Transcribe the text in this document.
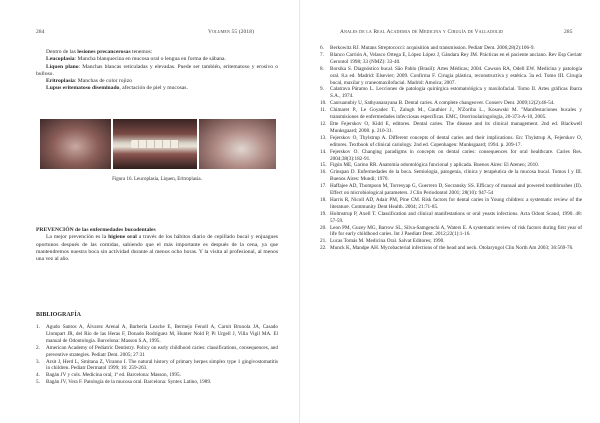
284	Volumen 55 (2018)

Dentro de las lesiones precancerosas tenemos:

Leucoplasia: Mancha blanquecina en mucosa oral o lengua en forma de sábana.

Liquen plano: Manchas blancas reticuladas y elevadas. Puede ser también, eritematoso y erosivo o bulloso.

Eritroplasia: Manchas de color rojizo

Lupus eritematoso diseminado, afectación de piel y mucosas.

Figura 16. Leucoplasia, Liquen, Eritroplasia.

PREVENCIÓN de las enfermedades bucodentales

La mejor prevención es la higiene oral a través de los hábitos diario de cepillado bucal y enjuagues oportunos después de las comidas, sabiendo que el más importante es después de la cena, ya que mantendremos nuestra boca sin actividad durante al menos ocho horas. Y la visita al profesional, al menos una vez al año.

BIBLIOGRAFÍA
1.	Agudo Santos A, Álvarez Arenal A, Barbería Leache E, Bermejo Fenoll A, Carnit Brunola JA, Casado Llompart JR, del Río de las Heras F, Donado Rodríguez M, Hunter Nold P, Pi Urgell J, Villa Vigil MA. El manual de Odontología. Barcelona: Masson S.A, 1995.
2.	American Academy of Pediatric Dentistry. Policy on early childhood caries: classifications, consequences, and preventive strategies. Pediatr Dent. 2005; 27:31
3.	Arsit J, Herd L, Smitana Z, Viranno I. The natural history of primary herpes simplex type 1 gingivostomatitis in children. Pediatr Dermatol 1999; 16: 259-263.
4.	Bagán JV y cols. Medicina oral, 1ª ed. Barcelona: Masson, 1995.
5.	Bagán JV, Vera F. Patología de la mucosa oral. Barcelona: Syntex Latino, 1989.
Anales de la Real Academia de Medicina y Cirugía de Valladolid	285
6.	Berkowitz RJ. Mutans Streptococci: acquisition and transmission. Pediatr Dent. 2006;28(2):106-9.
7.	Blanco Carrión A, Velasco Ortega E, López López J, Gándara Rey JM. Prácticas en el paciente anciano. Rev Esp Geriatr Gerontol 1998; 33 (NMZ): 33-40.
8.	Borsika S. Diagnóstico bucal. São Pablo (Brasil): Artes Médicas; 2004. Cawson RA, Odell EW. Medicina y patología oral. 8.a ed. Madrid: Elsevier; 2009. Confirma F. Cirugía plástica, reconstructiva y estética. 3a ed. Tomo III. Cirugía bucal, maxilar y craneomaxilofacial. Madrid: Amolca; 2007.
9.	Calatrava Páramo L. Lecciones de patología quirúrgica estomatológica y maxilofacial. Tomo II. Artes gráficas Ibarra S.A., 1974.
10. Caoruannbiy U, Sathyanarayana B. Dental caries. A complete changeover. Conserv Dent. 2009;12(2):46-54.
11. Chimaret P., Le Goyadec T., Zalugh M., Gauthier J., N'Zoriba L., Kosawski M. "Manifestaciones bucales y transmisiones de enfermedades infecciosas específicas. EMC, Otorrinolaringología, 20-373-A-10, 2005.
12. Ette Fejerskov O, Kidd E, editores. Dental caries. The disease and its clinical management. 2nd ed. Blackwell Munksgaard; 2008. p. 210-31.
13. Fejerskov O, Thylstrup A. Different concepts of dental caries and their implications. En: Thylstrup A, Fejerskov O, editores. Textbook of clinical cariology. 2nd ed. Copenhagen: Munksgaard; 1994. p. 209-17.
14. Fejerskov O. Changing paradigms in concepts on dental caries: consequences for oral healthcare. Caries Res. 2004;38(3):182-91.
15. Figún ME, Garino RR. Anatomía odontológica funcional y aplicada. Buenos Aires: El Ateneo; 2010.
16. Grinspan D. Enfermedades de la boca. Semiología, patogenia, clínica y terapéutica de la mucosa bucal. Tomos I y III. Buenos Aires: Mundi; 1970.
17. Haffajee AD, Thompson M, Torresyap G, Guerrero D, Socransky SS. Efficacy of manual and powered toothbrushes (II). Effect on microbiological parameters. J Clin Periodontol 2001; 28(10): 947-54
18. Harris R, Nicoll AD, Adair PM, Pine CM. Risk factors for dental caries in Young children: a systematic review of the literature. Community Dent Health. 2004; 21:71-85.
19. Holmstrup P, Axell T. Classification and clinical manifestations or oral yeasts infections. Acta Odont Scand, 1990. 48: 57-59.
20. Leon PM, Guzey MG, Barrow SL, Silva-Samgenchi A, Waters E. A systematic review of risk factors during first year of life for early childhood caries. Int J Paediatr Dent. 2012;22(1):1-16.
21. Lucas Tomás M. Medicina Oral. Salvat Editores; 1990.
22. Munck K, Mandpe AH. Mycobacterial infections of the head and neck. Otolaryngol Clin North Am 2003; 36:569-76.
